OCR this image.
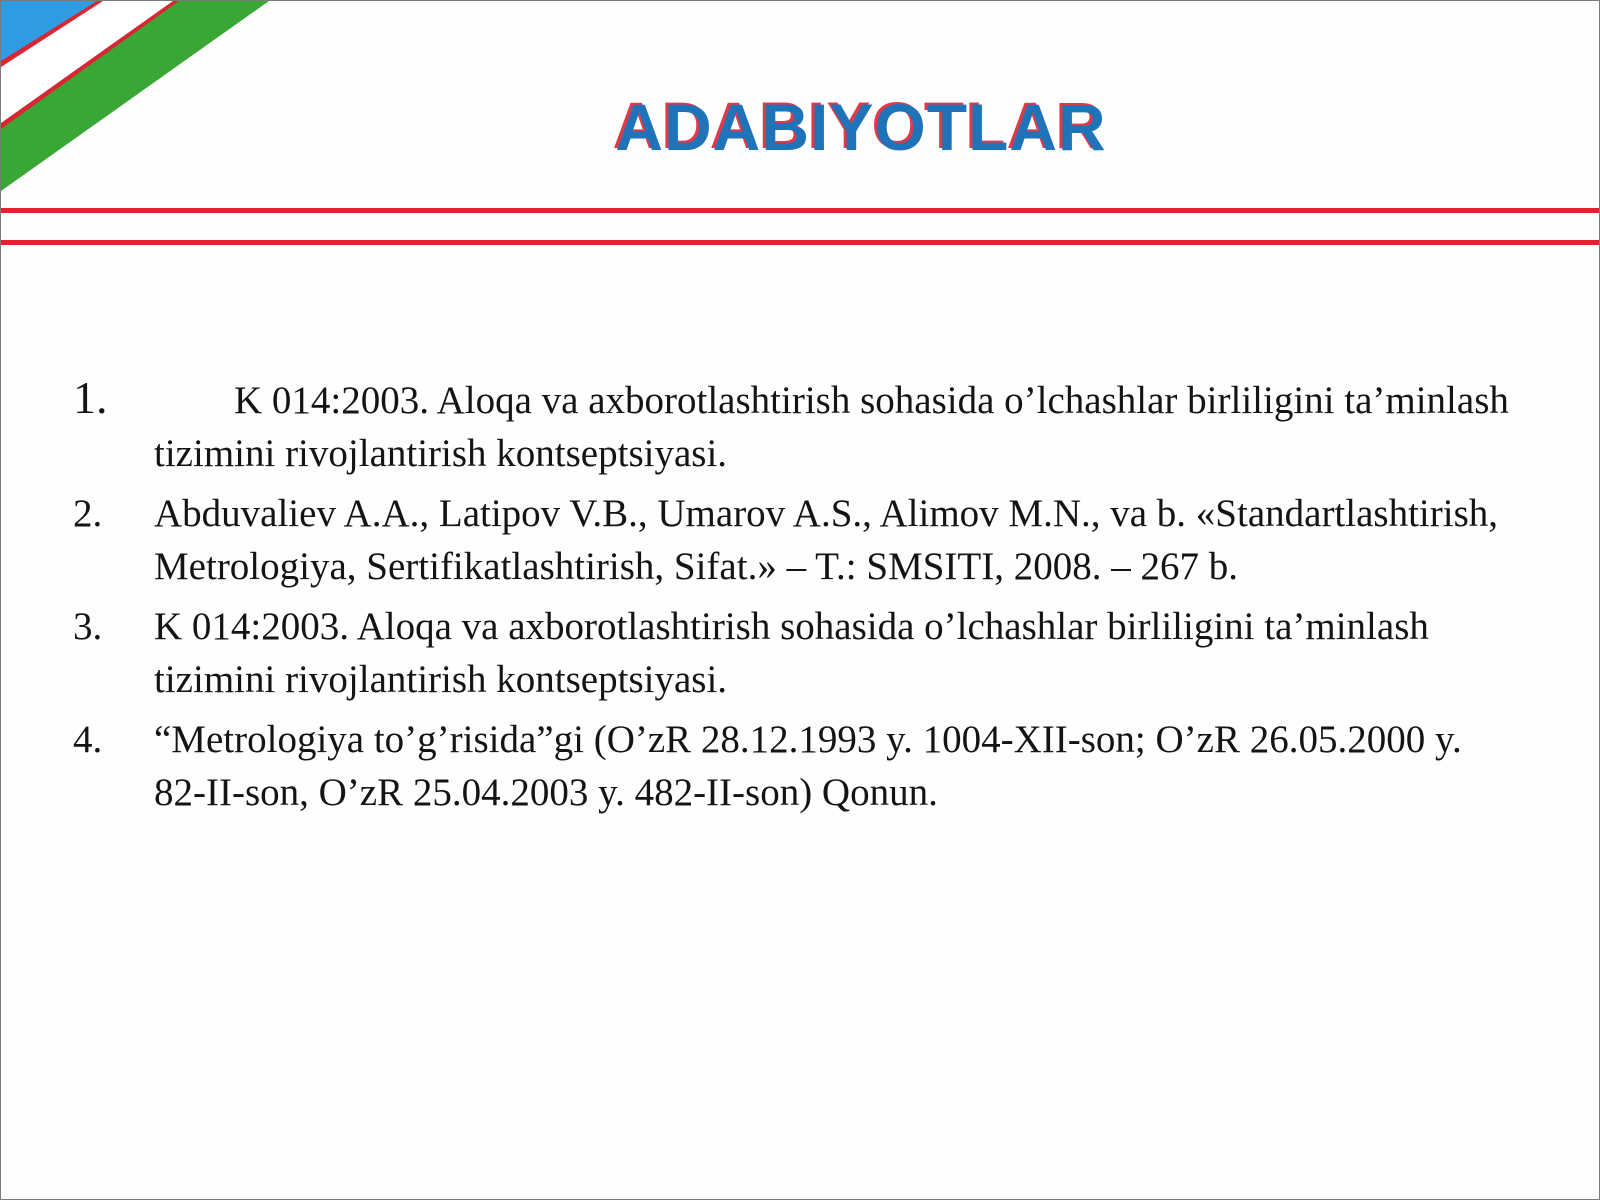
ADABIYOTLAR
1.	K 014:2003. Aloqa va axborotlashtirish sohasida o’lchashlar birliligini ta’minlash tizimini rivojlantirish kontseptsiyasi.
2. Abduvaliev A.A., Latipov V.B., Umarov A.S., Alimov M.N., va b. «Standartlashtirish, Metrologiya, Sertifikatlashtirish, Sifat.» – T.: SMSITI, 2008. – 267 b.
3. K 014:2003. Aloqa va axborotlashtirish sohasida o’lchashlar birliligini ta’minlash tizimini rivojlantirish kontseptsiyasi.
4. “Metrologiya to’g’risida”gi (O’zR 28.12.1993 y. 1004-XII-son; O’zR 26.05.2000 y. 82-II-son, O’zR 25.04.2003 y. 482-II-son) Qonun.
